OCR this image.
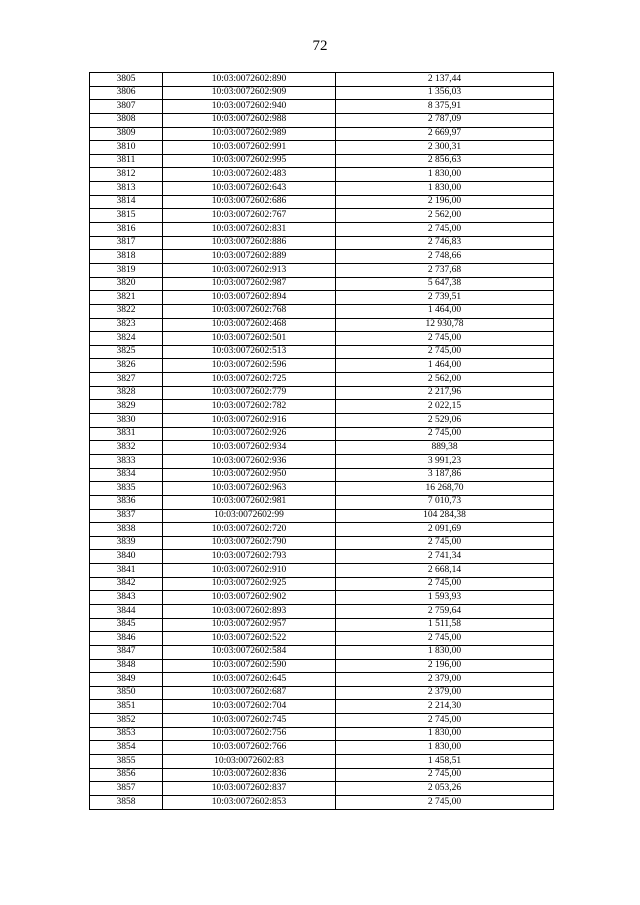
72
3805	10:03:0072602:890	2 137,44
3806	10:03:0072602:909	1 356,03
3807	10:03:0072602:940	8 375,91
3808	10:03:0072602:988	2 787,09
3809	10:03:0072602:989	2 669,97
3810	10:03:0072602:991	2 300,31
3811	10:03:0072602:995	2 856,63
3812	10:03:0072602:483	1 830,00
3813	10:03:0072602:643	1 830,00
3814	10:03:0072602:686	2 196,00
3815	10:03:0072602:767	2 562,00
3816	10:03:0072602:831	2 745,00
3817	10:03:0072602:886	2 746,83
3818	10:03:0072602:889	2 748,66
3819	10:03:0072602:913	2 737,68
3820	10:03:0072602:987	5 647,38
3821	10:03:0072602:894	2 739,51
3822	10:03:0072602:768	1 464,00
3823	10:03:0072602:468	12 930,78
3824	10:03:0072602:501	2 745,00
3825	10:03:0072602:513	2 745,00
3826	10:03:0072602:596	1 464,00
3827	10:03:0072602:725	2 562,00
3828	10:03:0072602:779	2 217,96
3829	10:03:0072602:782	2 022,15
3830	10:03:0072602:916	2 529,06
3831	10:03:0072602:926	2 745,00
3832	10:03:0072602:934	889,38
3833	10:03:0072602:936	3 991,23
3834	10:03:0072602:950	3 187,86
3835	10:03:0072602:963	16 268,70
3836	10:03:0072602:981	7 010,73
3837	10:03:0072602:99	104 284,38
3838	10:03:0072602:720	2 091,69
3839	10:03:0072602:790	2 745,00
3840	10:03:0072602:793	2 741,34
3841	10:03:0072602:910	2 668,14
3842	10:03:0072602:925	2 745,00
3843	10:03:0072602:902	1 593,93
3844	10:03:0072602:893	2 759,64
3845	10:03:0072602:957	1 511,58
3846	10:03:0072602:522	2 745,00
3847	10:03:0072602:584	1 830,00
3848	10:03:0072602:590	2 196,00
3849	10:03:0072602:645	2 379,00
3850	10:03:0072602:687	2 379,00
3851	10:03:0072602:704	2 214,30
3852	10:03:0072602:745	2 745,00
3853	10:03:0072602:756	1 830,00
3854	10:03:0072602:766	1 830,00
3855	10:03:0072602:83	1 458,51
3856	10:03:0072602:836	2 745,00
3857	10:03:0072602:837	2 053,26
3858	10:03:0072602:853	2 745,00
